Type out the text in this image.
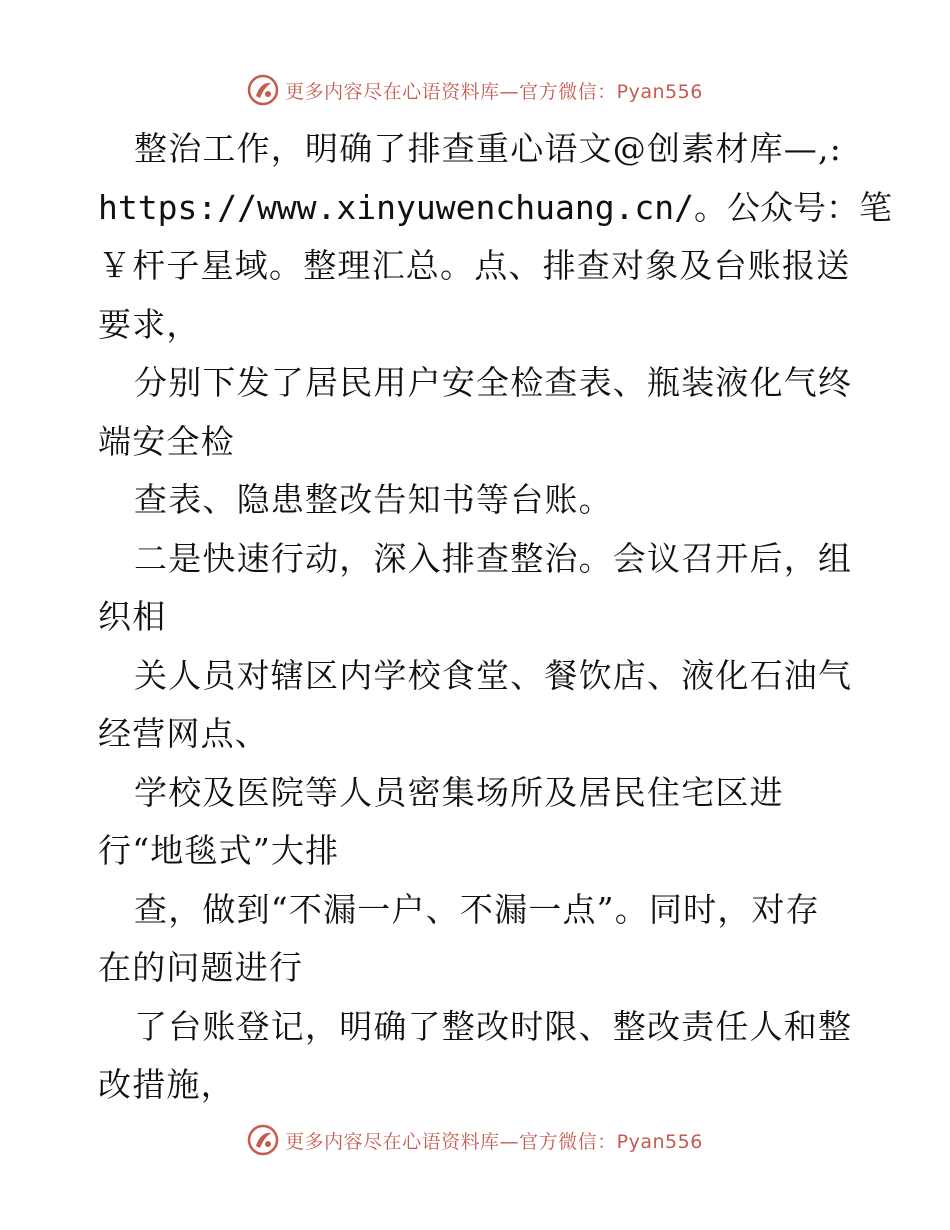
更多内容尽在心语资料库—官方微信：Pyan556
整治工作，明确了排查重心语文@创素材库—,:
https://www.xinyuwenchuang.cn/。公众号：笔
￥杆子星域。整理汇总。点、排查对象及台账报送
要求，
分别下发了居民用户安全检查表、瓶装液化气终
端安全检
查表、隐患整改告知书等台账。
二是快速行动，深入排查整治。会议召开后，组
织相
关人员对辖区内学校食堂、餐饮店、液化石油气
经营网点、
学校及医院等人员密集场所及居民住宅区进
行“地毯式”大排
查，做到“不漏一户、不漏一点”。同时，对存
在的问题进行
了台账登记，明确了整改时限、整改责任人和整
改措施，
更多内容尽在心语资料库—官方微信：Pyan556
